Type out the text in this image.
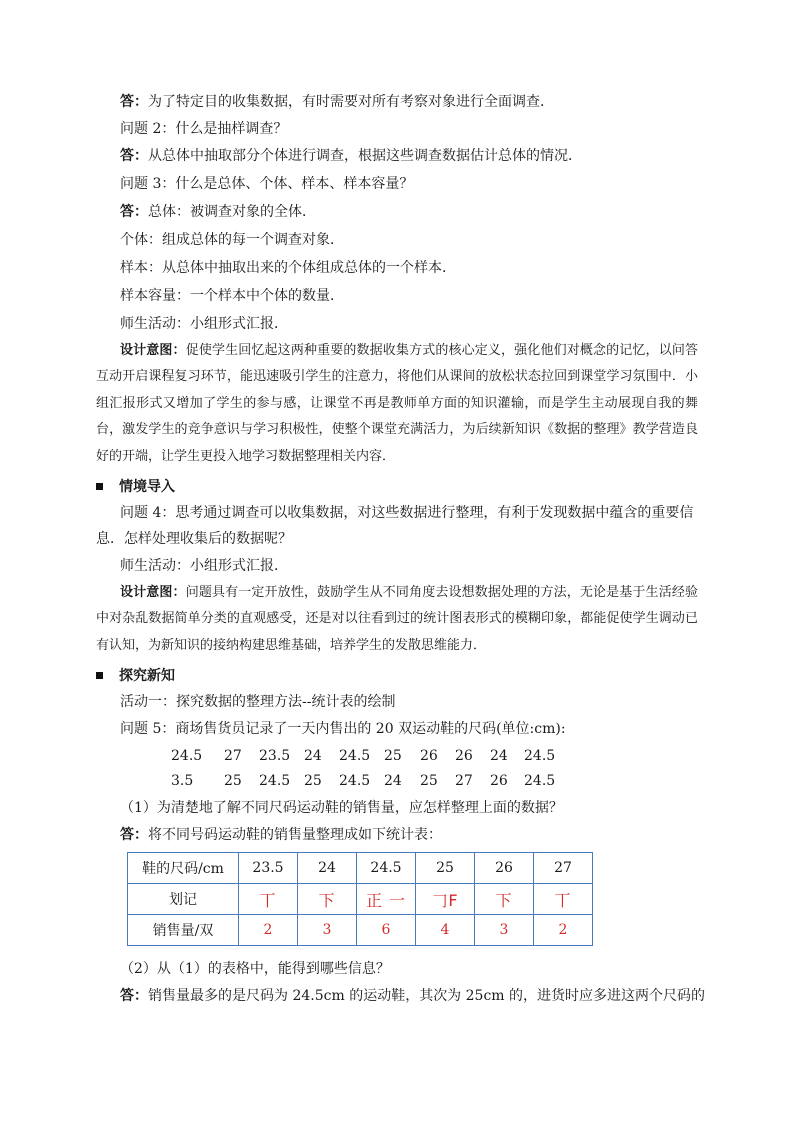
答：为了特定目的收集数据，有时需要对所有考察对象进行全面调查．
问题 2：什么是抽样调查？
答：从总体中抽取部分个体进行调查，根据这些调查数据估计总体的情况．
问题 3：什么是总体、个体、样本、样本容量？
答：总体：被调查对象的全体．
个体：组成总体的每一个调查对象．
样本：从总体中抽取出来的个体组成总体的一个样本．
样本容量：一个样本中个体的数量．
师生活动：小组形式汇报．
设计意图：促使学生回忆起这两种重要的数据收集方式的核心定义，强化他们对概念的记忆，以问答互动开启课程复习环节，能迅速吸引学生的注意力，将他们从课间的放松状态拉回到课堂学习氛围中．小组汇报形式又增加了学生的参与感，让课堂不再是教师单方面的知识灌输，而是学生主动展现自我的舞台，激发学生的竞争意识与学习积极性，使整个课堂充满活力，为后续新知识《数据的整理》教学营造良好的开端，让学生更投入地学习数据整理相关内容．
情境导入
问题 4：思考通过调查可以收集数据，对这些数据进行整理，有利于发现数据中蕴含的重要信息．怎样处理收集后的数据呢？
师生活动：小组形式汇报．
设计意图：问题具有一定开放性，鼓励学生从不同角度去设想数据处理的方法，无论是基于生活经验中对杂乱数据简单分类的直观感受，还是对以往看到过的统计图表形式的模糊印象，都能促使学生调动已有认知，为新知识的接纳构建思维基础，培养学生的发散思维能力．
探究新知
活动一：探究数据的整理方法--统计表的绘制
问题 5：商场售货员记录了一天内售出的 20 双运动鞋的尺码(单位:cm):
24.5 27 23.5 24 24.5 25 26 26 24 24.5
3.5 25 24.5 25 24.5 24 25 27 26 24.5
（1）为清楚地了解不同尺码运动鞋的销售量，应怎样整理上面的数据？
答：将不同号码运动鞋的销售量整理成如下统计表：
鞋的尺码/cm	23.5	24	24.5	25	26	27
划记	丅	下	正 一	𠃌F	下	丅
销售量/双	2	3	6	4	3	2
（2）从（1）的表格中，能得到哪些信息？
答：销售量最多的是尺码为 24.5cm 的运动鞋，其次为 25cm 的，进货时应多进这两个尺码的
